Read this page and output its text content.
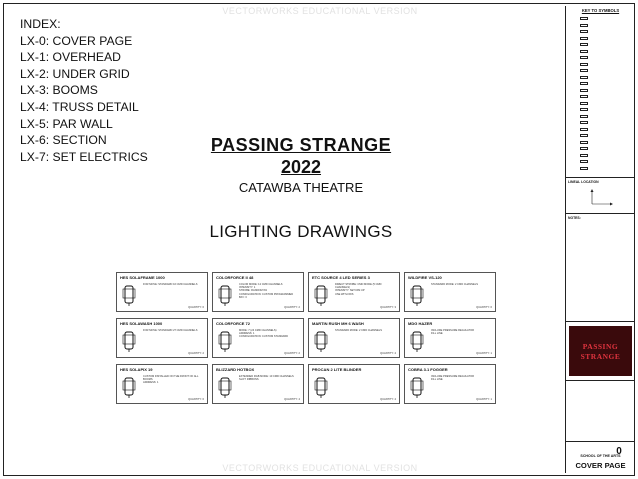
VECTORWORKS EDUCATIONAL VERSION
VECTORWORKS EDUCATIONAL VERSION
INDEX:
LX-0: COVER PAGE
LX-1: OVERHEAD
LX-2: UNDER GRID
LX-3: BOOMS
LX-4: TRUSS DETAIL
LX-5: PAR WALL
LX-6: SECTION
LX-7: SET ELECTRICS
PASSING STRANGE
2022
CATAWBA THEATRE
LIGHTING DRAWINGS
HES SOLAFRAME 1000
FOR MOVE: STANDARD 16 CMD CHANNELS
QUANTITY: 6
COLORFORCE II 48
COLOR MODE: 12 CMD CHANNELS
INTENSITY: 1
STROBE: RANDOM 6%
CONFIGURATION: CUSTOM PROGRAMMED
BAY: 3
QUANTITY: 2
ETC SOURCE 4 LED SERIES 3
DIRECT STROBE: CMD MODE (5 CMD CHANNELS)
INTENSITY: SET DIM UP
USE WITH IRIS
QUANTITY: 3
WILDFIRE VS-120
STANDARD MODE: 2 CMD CHANNELS
QUANTITY: 6
HES SOLAWASH 1000
FOR MOVE: STANDARD 27 CMD CHANNELS
QUANTITY: 2
COLORFORCE 72
MODE: 7 (24 CMD CHANNELS)
ADDRESS: 1
CONFIGURATION: CUSTOM STANDARD
QUANTITY: 2
MARTIN RUSH MH 6 WASH
STANDARD MODE: 2 CMD CHANNELS
QUANTITY: 4
MDG HAZER
INCLUDE PRESSURE REGULATOR
FILL LINE
QUANTITY: 1
HES SOLAPIX 19
CUSTOM INSTALLED ON THE FRONT OF ALL BOOMS
ADDRESS: 1
QUANTITY: 6
BLIZZARD HOTBOX
EXTENDED RGB MODE: 10 CMD CHANNELS
SLOT: RIBBONS
QUANTITY: 4
PROCAN 2 LITE BLINDER
QUANTITY: 4
COBRA 3.1 FOGGER
INCLUDE PRESSURE REGULATOR
FILL LINE
QUANTITY: 1
KEY TO SYMBOLS
LINEAL LOCATION
NOTES:
PASSING
STRANGE
0
SCHOOL OF THE ARTS
COVER PAGE
